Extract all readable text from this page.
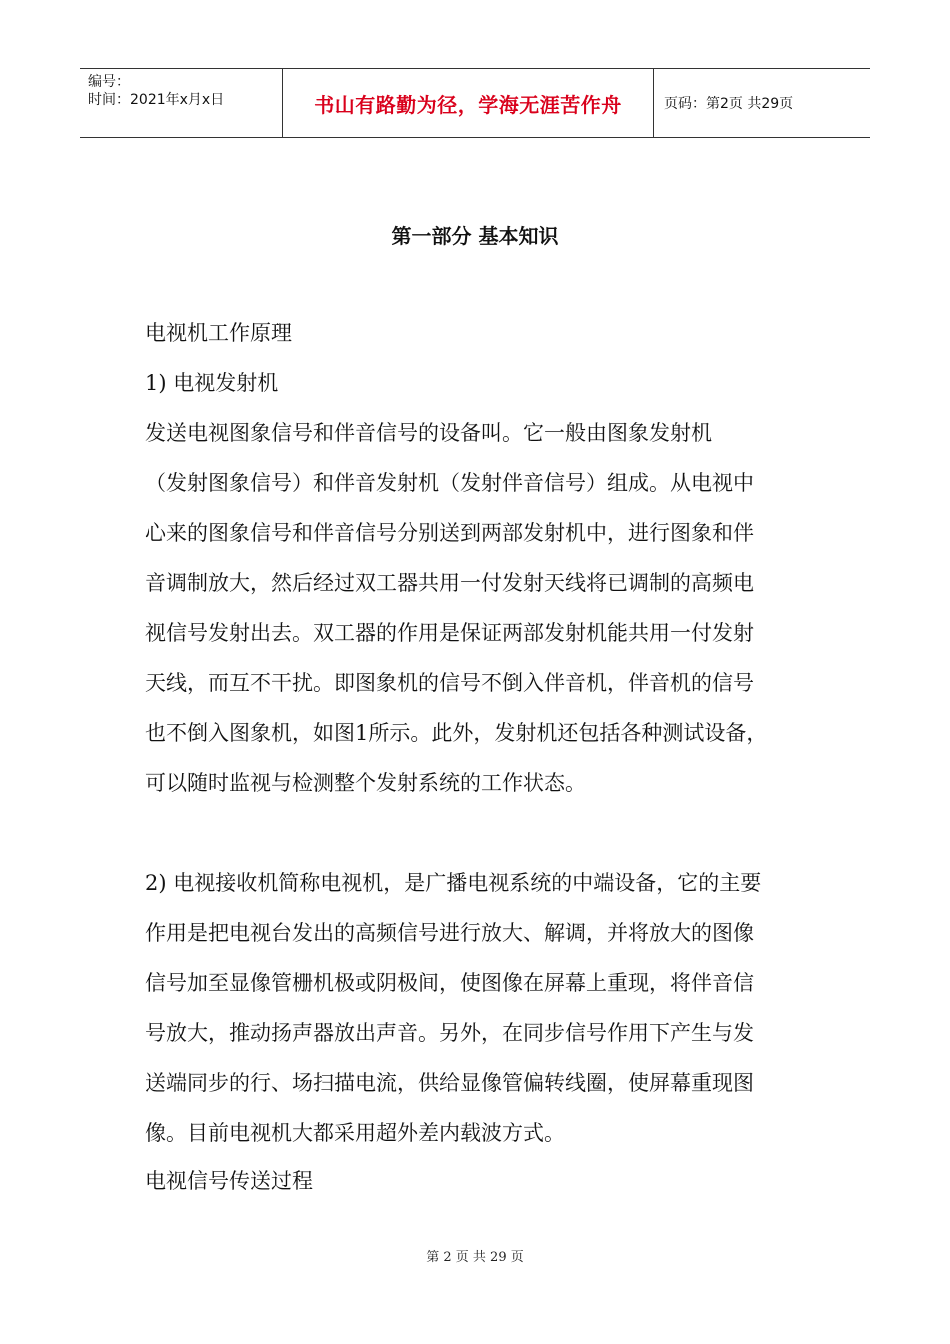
编号：
时间：2021年x月x日	书山有路勤为径，学海无涯苦作舟	页码：第2页 共29页
第一部分 基本知识
电视机工作原理
1) 电视发射机
发送电视图象信号和伴音信号的设备叫。它一般由图象发射机
（发射图象信号）和伴音发射机（发射伴音信号）组成。从电视中
心来的图象信号和伴音信号分别送到两部发射机中，进行图象和伴
音调制放大，然后经过双工器共用一付发射天线将已调制的高频电
视信号发射出去。双工器的作用是保证两部发射机能共用一付发射
天线，而互不干扰。即图象机的信号不倒入伴音机，伴音机的信号
也不倒入图象机，如图1所示。此外，发射机还包括各种测试设备，
可以随时监视与检测整个发射系统的工作状态。
2) 电视接收机简称电视机，是广播电视系统的中端设备，它的主要
作用是把电视台发出的高频信号进行放大、解调，并将放大的图像
信号加至显像管栅机极或阴极间，使图像在屏幕上重现，将伴音信
号放大，推动扬声器放出声音。另外，在同步信号作用下产生与发
送端同步的行、场扫描电流，供给显像管偏转线圈，使屏幕重现图
像。目前电视机大都采用超外差内载波方式。
电视信号传送过程
第 2 页 共 29 页
